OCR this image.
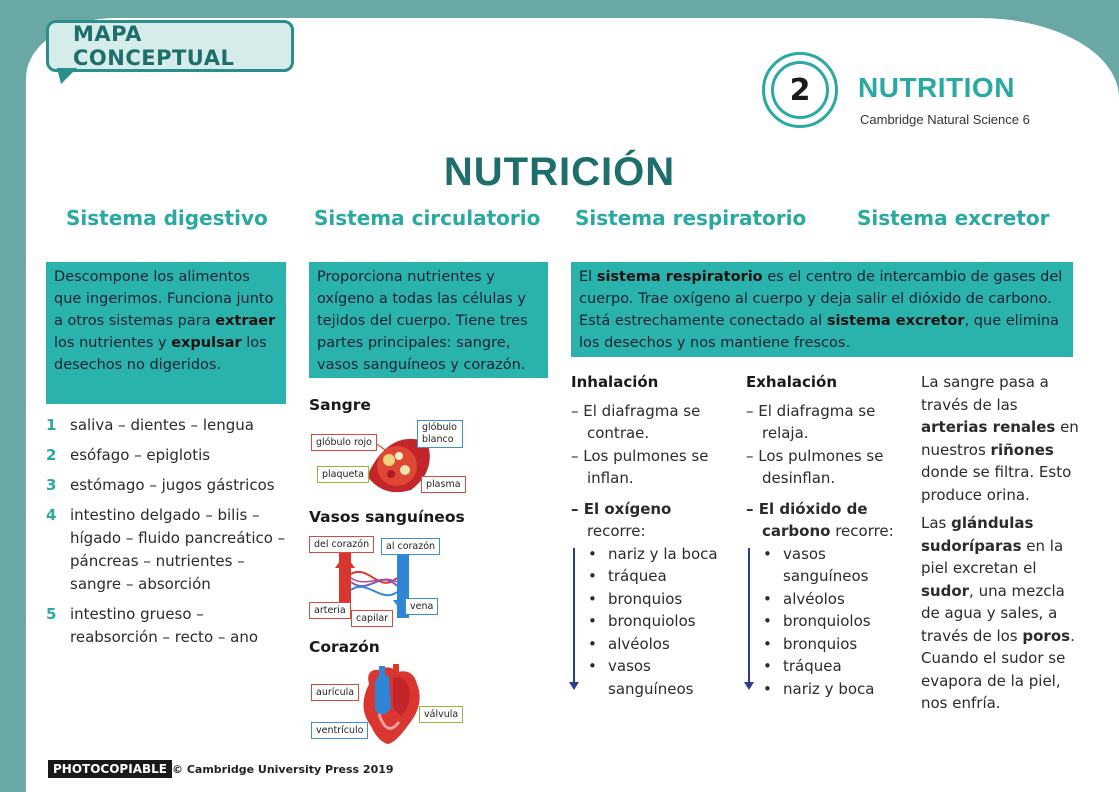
MAPA CONCEPTUAL
2	NUTRITION
Cambridge Natural Science 6
NUTRICIÓN
Sistema digestivo Sistema circulatorio Sistema respiratorio	Sistema excretor
Descompone los alimentos que ingerimos. Funciona junto a otros sistemas para extraer los nutrientes y expulsar los desechos no digeridos.
1 saliva – dientes – lengua
2 esófago – epiglotis
3 estómago – jugos gástricos
4 intestino delgado – bilis – hígado – fluido pancreático – páncreas – nutrientes – sangre – absorción
5 intestino grueso – reabsorción – recto – ano
Proporciona nutrientes y oxígeno a todas las células y tejidos del cuerpo. Tiene tres partes principales: sangre, vasos sanguíneos y corazón.
Sangre
glóbulo rojo
glóbulo blanco
plaqueta
plasma
Vasos sanguíneos
del corazón	al corazón
arteria
capilar
vena
Corazón
aurícula
válvula
ventrículo
El sistema respiratorio es el centro de intercambio de gases del cuerpo. Trae oxígeno al cuerpo y deja salir el dióxido de carbono. Está estrechamente conectado al sistema excretor, que elimina los desechos y nos mantiene frescos.
Inhalación
– El diafragma se contrae.
– Los pulmones se inflan.
– El oxígeno
recorre:
• nariz y la boca
• tráquea
• bronquios
• bronquiolos
• alvéolos
• vasos sanguíneos
Exhalación
– El diafragma se relaja.
– Los pulmones se desinflan.
– El dióxido de carbono recorre:
• vasos sanguíneos
• alvéolos
• bronquiolos
• bronquios
• tráquea
• nariz y boca

La sangre pasa a través de las arterias renales en nuestros riñones donde se filtra. Esto produce orina.

Las glándulas sudoríparas en la piel excretan el sudor, una mezcla de agua y sales, a través de los poros. Cuando el sudor se evapora de la piel, nos enfría.

PHOTOCOPIABLE © Cambridge University Press 2019
